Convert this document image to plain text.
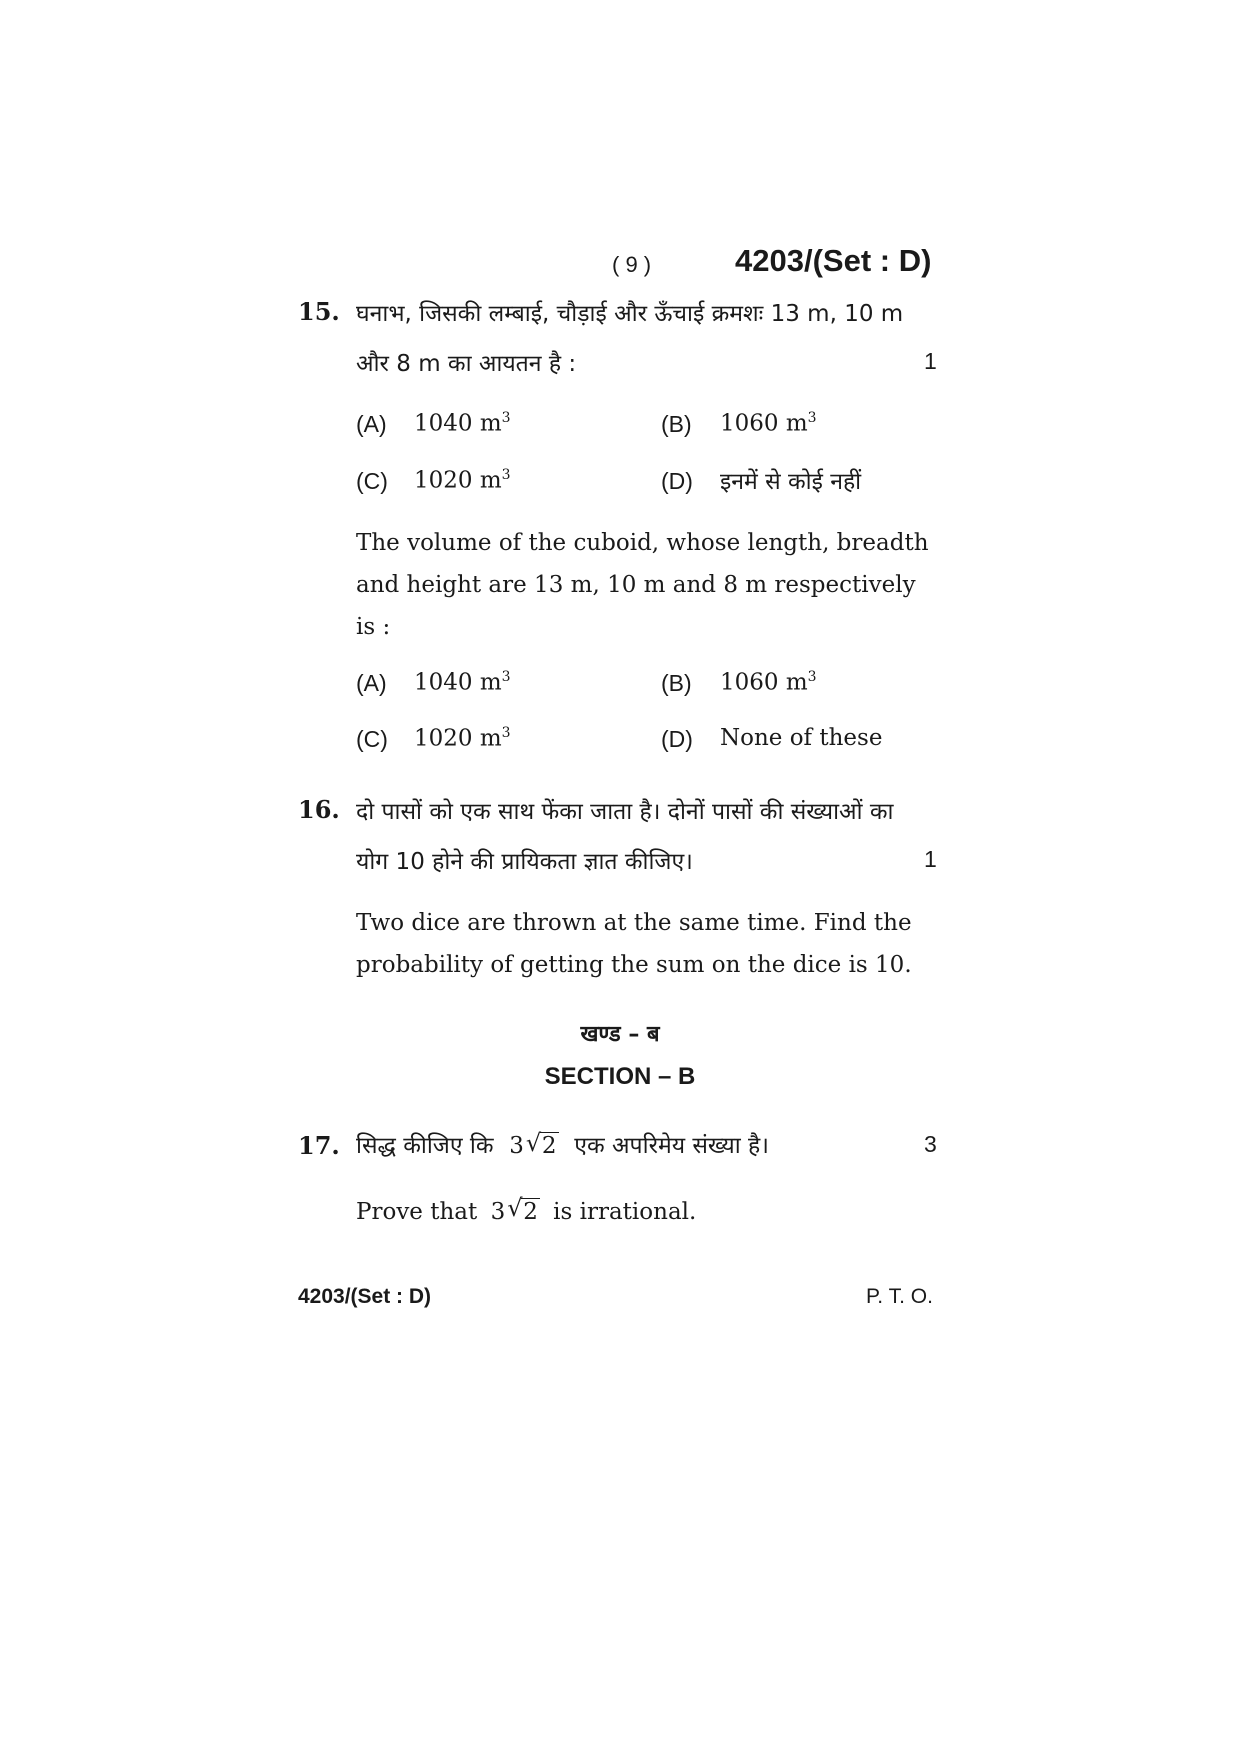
( 9 )	4203/(Set : D)
15. घनाभ, जिसकी लम्बाई, चौड़ाई और ऊँचाई क्रमशः 13 m, 10 m
और 8 m का आयतन है :	1
(A) 1040 $m^3$	(B) 1060 $m^3$
(C) 1020 $m^3$	(D) इनमें से कोई नहीं
The volume of the cuboid, whose length, breadth
and height are 13 m, 10 m and 8 m respectively
is :
(A) 1040 $m^3$	(B) 1060 $m^3$
(C) 1020 $m^3$	(D) None of these
16. दो पासों को एक साथ फेंका जाता है। दोनों पासों की संख्याओं का
योग 10 होने की प्रायिकता ज्ञात कीजिए।	1
Two dice are thrown at the same time. Find the
probability of getting the sum on the dice is 10.
खण्ड – ब
SECTION – B
17. सिद्ध कीजिए कि 3 √ 2 एक अपरिमेय संख्या है।	3
Prove that 3 √ 2 is irrational.
4203/(Set : D)	P. T. O.
